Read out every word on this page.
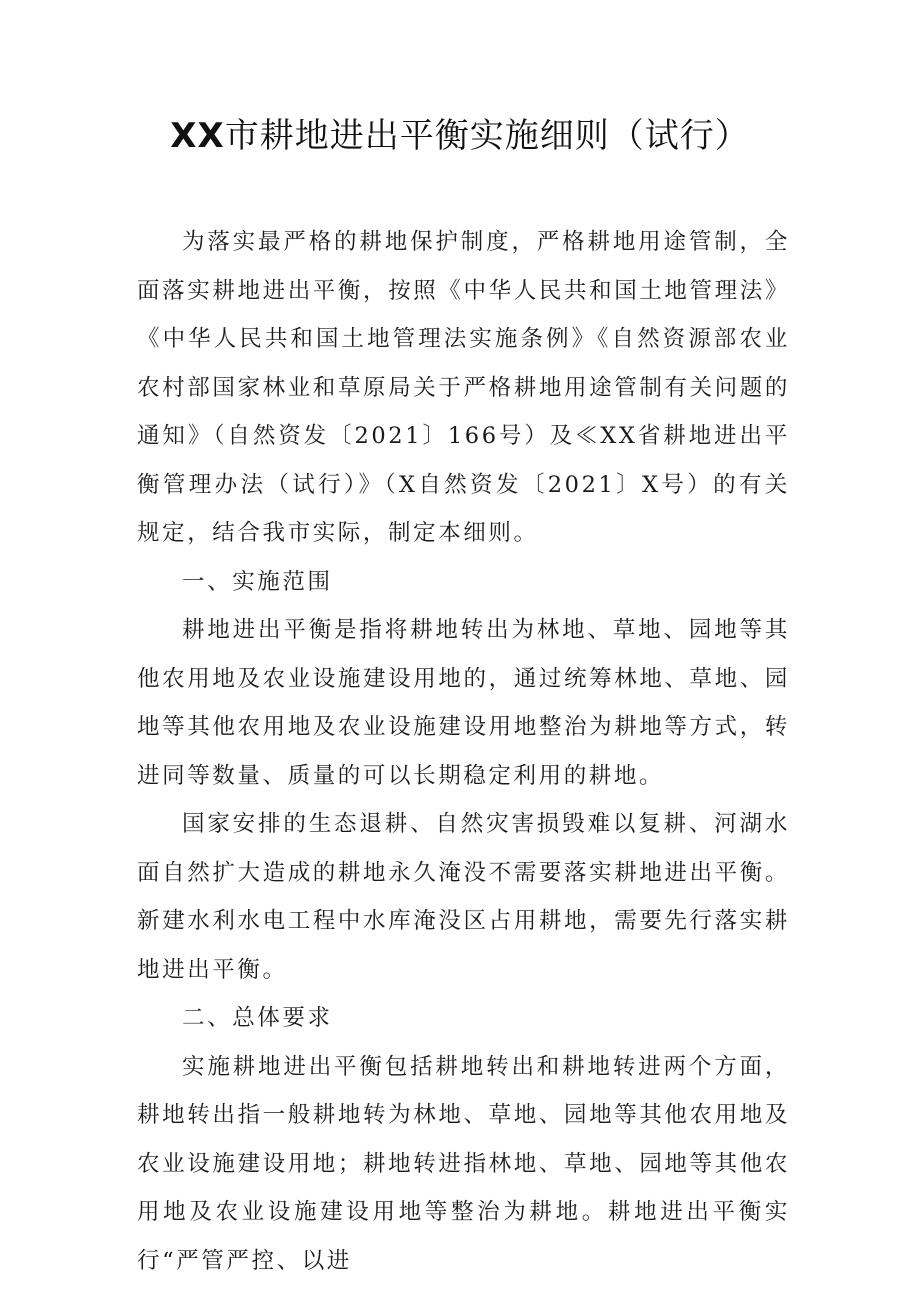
XX市耕地进出平衡实施细则（试行）

为落实最严格的耕地保护制度，严格耕地用途管制，全面落实耕地进出平衡，按照《中华人民共和国土地管理法》《中华人民共和国土地管理法实施条例》《自然资源部农业农村部国家林业和草原局关于严格耕地用途管制有关问题的通知》（自然资发〔2021〕166号）及≪XX省耕地进出平衡管理办法（试行）》（X自然资发〔2021〕X号）的有关规定，结合我市实际，制定本细则。

一、实施范围

耕地进出平衡是指将耕地转出为林地、草地、园地等其他农用地及农业设施建设用地的，通过统筹林地、草地、园地等其他农用地及农业设施建设用地整治为耕地等方式，转进同等数量、质量的可以长期稳定利用的耕地。

国家安排的生态退耕、自然灾害损毁难以复耕、河湖水面自然扩大造成的耕地永久淹没不需要落实耕地进出平衡。新建水利水电工程中水库淹没区占用耕地，需要先行落实耕地进出平衡。

二、总体要求

实施耕地进出平衡包括耕地转出和耕地转进两个方面，耕地转出指一般耕地转为林地、草地、园地等其他农用地及农业设施建设用地；耕地转进指林地、草地、园地等其他农用地及农业设施建设用地等整治为耕地。耕地进出平衡实行“严管严控、以进
